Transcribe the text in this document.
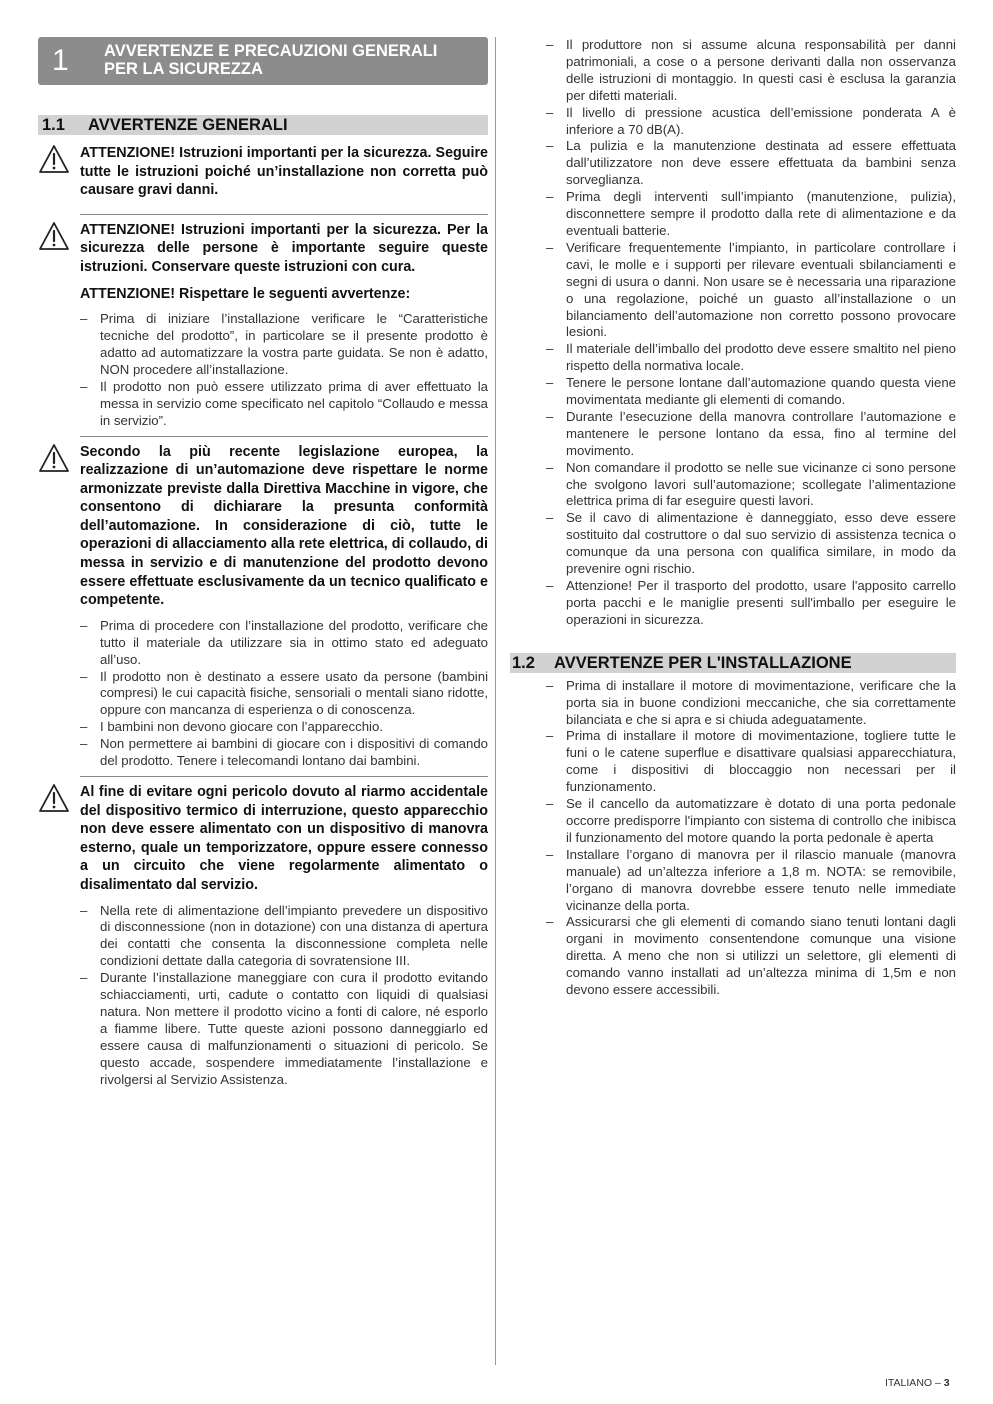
1 AVVERTENZE E PRECAUZIONI GENERALI
PER LA SICUREZZA
1.1 AVVERTENZE GENERALI
ATTENZIONE! Istruzioni importanti per la sicurezza. Seguire tutte le istruzioni poiché un’installazione non corretta può causare gravi danni.
ATTENZIONE! Istruzioni importanti per la sicurezza. Per la sicurezza delle persone è importante seguire queste istruzioni. Conservare queste istruzioni con cura.
ATTENZIONE! Rispettare le seguenti avvertenze:
– Prima di iniziare l’installazione verificare le “Caratteristiche tecniche del prodotto”, in particolare se il presente prodotto è adatto ad automatizzare la vostra parte guidata. Se non è adatto, NON procedere all’installazione.
– Il prodotto non può essere utilizzato prima di aver effettuato la messa in servizio come specificato nel capitolo “Collaudo e messa in servizio”.
Secondo la più recente legislazione europea, la realizzazione di un’automazione deve rispettare le norme armonizzate previste dalla Direttiva Macchine in vigore, che consentono di dichiarare la presunta conformità dell’automazione. In considerazione di ciò, tutte le operazioni di allacciamento alla rete elettrica, di collaudo, di messa in servizio e di manutenzione del prodotto devono essere effettuate esclusivamente da un tecnico qualificato e competente.
– Prima di procedere con l’installazione del prodotto, verificare che tutto il materiale da utilizzare sia in ottimo stato ed adeguato all’uso.
– Il prodotto non è destinato a essere usato da persone (bambini compresi) le cui capacità fisiche, sensoriali o mentali siano ridotte, oppure con mancanza di esperienza o di conoscenza.
– I bambini non devono giocare con l’apparecchio.
– Non permettere ai bambini di giocare con i dispositivi di comando del prodotto. Tenere i telecomandi lontano dai bambini.
Al fine di evitare ogni pericolo dovuto al riarmo accidentale del dispositivo termico di interruzione, questo apparecchio non deve essere alimentato con un dispositivo di manovra esterno, quale un temporizzatore, oppure essere connesso a un circuito che viene regolarmente alimentato o disalimentato dal servizio.
– Nella rete di alimentazione dell’impianto prevedere un dispositivo di disconnessione (non in dotazione) con una distanza di apertura dei contatti che consenta la disconnessione completa nelle condizioni dettate dalla categoria di sovratensione III.
– Durante l’installazione maneggiare con cura il prodotto evitando schiacciamenti, urti, cadute o contatto con liquidi di qualsiasi natura. Non mettere il prodotto vicino a fonti di calore, né esporlo a fiamme libere. Tutte queste azioni possono danneggiarlo ed essere causa di malfunzionamenti o situazioni di pericolo. Se questo accade, sospendere immediatamente l’installazione e rivolgersi al Servizio Assistenza.
– Il produttore non si assume alcuna responsabilità per danni patrimoniali, a cose o a persone derivanti dalla non osservanza delle istruzioni di montaggio. In questi casi è esclusa la garanzia per difetti materiali.
– Il livello di pressione acustica dell’emissione ponderata A è inferiore a 70 dB(A).
– La pulizia e la manutenzione destinata ad essere effettuata dall’utilizzatore non deve essere effettuata da bambini senza sorveglianza.
– Prima degli interventi sull’impianto (manutenzione, pulizia), disconnettere sempre il prodotto dalla rete di alimentazione e da eventuali batterie.
– Verificare frequentemente l’impianto, in particolare controllare i cavi, le molle e i supporti per rilevare eventuali sbilanciamenti e segni di usura o danni. Non usare se è necessaria una riparazione o una regolazione, poiché un guasto all’installazione o un bilanciamento dell’automazione non corretto possono provocare lesioni.
– Il materiale dell’imballo del prodotto deve essere smaltito nel pieno rispetto della normativa locale.
– Tenere le persone lontane dall’automazione quando questa viene movimentata mediante gli elementi di comando.
– Durante l’esecuzione della manovra controllare l’automazione e mantenere le persone lontano da essa, fino al termine del movimento.
– Non comandare il prodotto se nelle sue vicinanze ci sono persone che svolgono lavori sull’automazione; scollegate l’alimentazione elettrica prima di far eseguire questi lavori.
– Se il cavo di alimentazione è danneggiato, esso deve essere sostituito dal costruttore o dal suo servizio di assistenza tecnica o comunque da una persona con qualifica similare, in modo da prevenire ogni rischio.
– Attenzione! Per il trasporto del prodotto, usare l'apposito carrello porta pacchi e le maniglie presenti sull'imballo per eseguire le operazioni in sicurezza.
1.2 AVVERTENZE PER L'INSTALLAZIONE
– Prima di installare il motore di movimentazione, verificare che la porta sia in buone condizioni meccaniche, che sia correttamente bilanciata e che si apra e si chiuda adeguatamente.
– Prima di installare il motore di movimentazione, togliere tutte le funi o le catene superflue e disattivare qualsiasi apparecchiatura, come i dispositivi di bloccaggio non necessari per il funzionamento.
– Se il cancello da automatizzare è dotato di una porta pedonale occorre predisporre l'impianto con sistema di controllo che inibisca il funzionamento del motore quando la porta pedonale è aperta
– Installare l’organo di manovra per il rilascio manuale (manovra manuale) ad un’altezza inferiore a 1,8 m. NOTA: se removibile, l’organo di manovra dovrebbe essere tenuto nelle immediate vicinanze della porta.
– Assicurarsi che gli elementi di comando siano tenuti lontani dagli organi in movimento consentendone comunque una visione diretta. A meno che non si utilizzi un selettore, gli elementi di comando vanno installati ad un’altezza minima di 1,5m e non devono essere accessibili.
ITALIANO – 3
